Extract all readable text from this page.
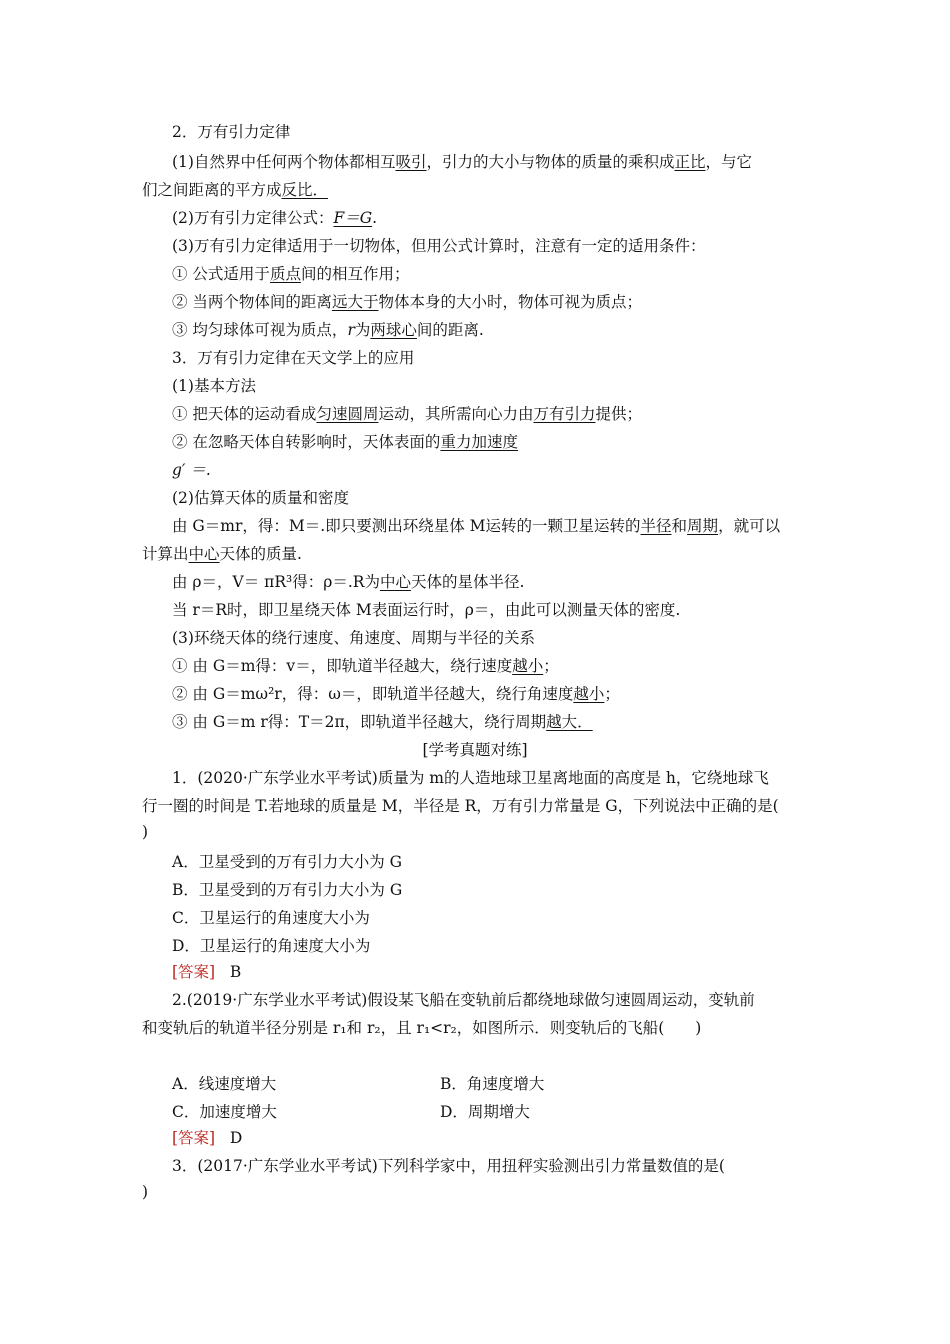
2．万有引力定律
(1)自然界中任何两个物体都相互吸引，引力的大小与物体的质量的乘积成正比，与它
们之间距离的平方成反比．
(2)万有引力定律公式：F＝G.
(3)万有引力定律适用于一切物体，但用公式计算时，注意有一定的适用条件：
① 公式适用于质点间的相互作用；
② 当两个物体间的距离远大于物体本身的大小时，物体可视为质点；
③ 均匀球体可视为质点，r为两球心间的距离.
3．万有引力定律在天文学上的应用
(1)基本方法
① 把天体的运动看成匀速圆周运动，其所需向心力由万有引力提供；
② 在忽略天体自转影响时，天体表面的重力加速度
g′ ＝.
(2)估算天体的质量和密度
由 G＝mr，得：M＝.即只要测出环绕星体 M运转的一颗卫星运转的半径和周期，就可以
计算出中心天体的质量.
由 ρ＝，V＝ πR³得：ρ＝.R为中心天体的星体半径.
当 r＝R时，即卫星绕天体 M表面运行时，ρ＝，由此可以测量天体的密度.
(3)环绕天体的绕行速度、角速度、周期与半径的关系
① 由 G＝m得：v＝，即轨道半径越大，绕行速度越小；
② 由 G＝mω²r，得：ω＝，即轨道半径越大，绕行角速度越小；
③ 由 G＝m r得：T＝2π，即轨道半径越大，绕行周期越大．
[学考真题对练]
1．(2020·广东学业水平考试)质量为 m的人造地球卫星离地面的高度是 h，它绕地球飞
行一圈的时间是 T.若地球的质量是 M，半径是 R，万有引力常量是 G，下列说法中正确的是(
)
A．卫星受到的万有引力大小为 G
B．卫星受到的万有引力大小为 G
C．卫星运行的角速度大小为
D．卫星运行的角速度大小为
[答案] B
2.(2019·广东学业水平考试)假设某飞船在变轨前后都绕地球做匀速圆周运动，变轨前
和变轨后的轨道半径分别是 r₁和 r₂，且 r₁<r₂，如图所示．则变轨后的飞船(　　)
A．线速度增大	B．角速度增大
C．加速度增大	D．周期增大
[答案] D
3．(2017·广东学业水平考试)下列科学家中，用扭秤实验测出引力常量数值的是(
)
